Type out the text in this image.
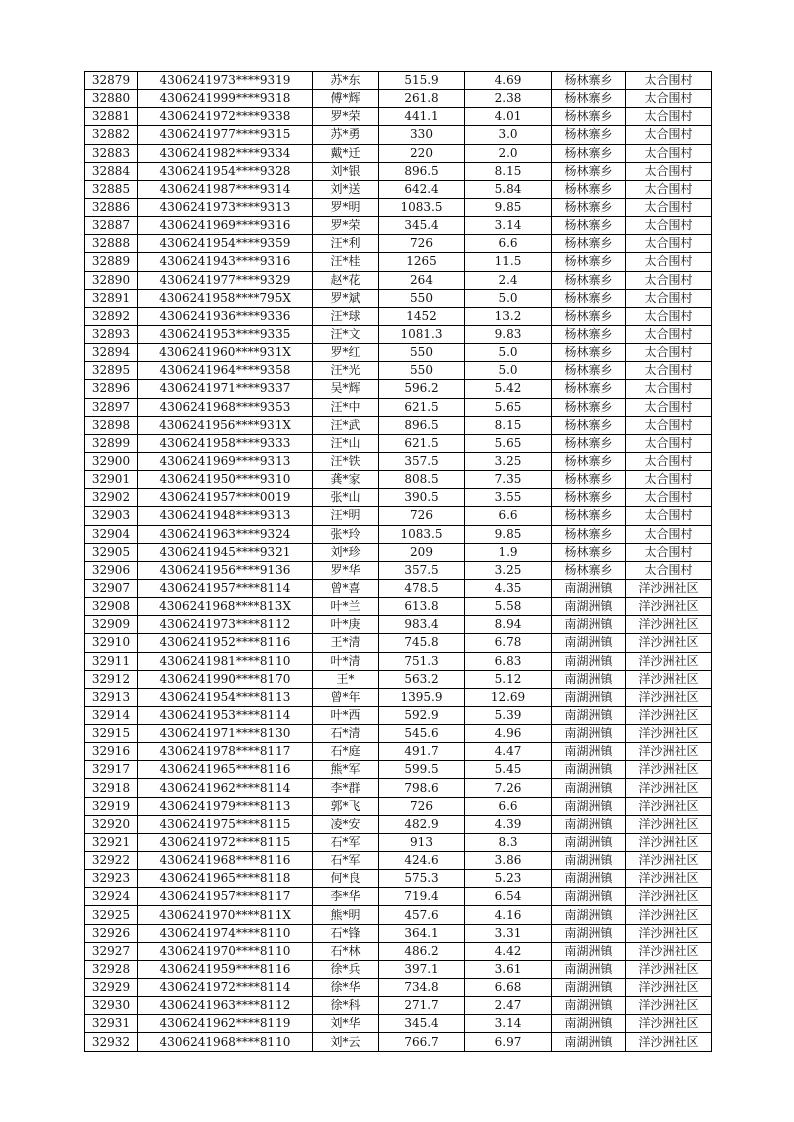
32879	4306241973****9319	苏*东	515.9	4.69	杨林寨乡	太合围村
32880	4306241999****9318	傅*辉	261.8	2.38	杨林寨乡	太合围村
32881	4306241972****9338	罗*荣	441.1	4.01	杨林寨乡	太合围村
32882	4306241977****9315	苏*勇	330	3.0	杨林寨乡	太合围村
32883	4306241982****9334	戴*迁	220	2.0	杨林寨乡	太合围村
32884	4306241954****9328	刘*银	896.5	8.15	杨林寨乡	太合围村
32885	4306241987****9314	刘*送	642.4	5.84	杨林寨乡	太合围村
32886	4306241973****9313	罗*明	1083.5	9.85	杨林寨乡	太合围村
32887	4306241969****9316	罗*荣	345.4	3.14	杨林寨乡	太合围村
32888	4306241954****9359	汪*利	726	6.6	杨林寨乡	太合围村
32889	4306241943****9316	汪*桂	1265	11.5	杨林寨乡	太合围村
32890	4306241977****9329	赵*花	264	2.4	杨林寨乡	太合围村
32891	4306241958****795X	罗*斌	550	5.0	杨林寨乡	太合围村
32892	4306241936****9336	汪*球	1452	13.2	杨林寨乡	太合围村
32893	4306241953****9335	汪*文	1081.3	9.83	杨林寨乡	太合围村
32894	4306241960****931X	罗*红	550	5.0	杨林寨乡	太合围村
32895	4306241964****9358	汪*光	550	5.0	杨林寨乡	太合围村
32896	4306241971****9337	吴*辉	596.2	5.42	杨林寨乡	太合围村
32897	4306241968****9353	汪*中	621.5	5.65	杨林寨乡	太合围村
32898	4306241956****931X	汪*武	896.5	8.15	杨林寨乡	太合围村
32899	4306241958****9333	汪*山	621.5	5.65	杨林寨乡	太合围村
32900	4306241969****9313	汪*铁	357.5	3.25	杨林寨乡	太合围村
32901	4306241950****9310	龚*家	808.5	7.35	杨林寨乡	太合围村
32902	4306241957****0019	张*山	390.5	3.55	杨林寨乡	太合围村
32903	4306241948****9313	汪*明	726	6.6	杨林寨乡	太合围村
32904	4306241963****9324	张*玲	1083.5	9.85	杨林寨乡	太合围村
32905	4306241945****9321	刘*珍	209	1.9	杨林寨乡	太合围村
32906	4306241956****9136	罗*华	357.5	3.25	杨林寨乡	太合围村
32907	4306241957****8114	曾*喜	478.5	4.35	南湖洲镇	洋沙洲社区
32908	4306241968****813X	叶*兰	613.8	5.58	南湖洲镇	洋沙洲社区
32909	4306241973****8112	叶*庚	983.4	8.94	南湖洲镇	洋沙洲社区
32910	4306241952****8116	王*清	745.8	6.78	南湖洲镇	洋沙洲社区
32911	4306241981****8110	叶*清	751.3	6.83	南湖洲镇	洋沙洲社区
32912	4306241990****8170	王*	563.2	5.12	南湖洲镇	洋沙洲社区
32913	4306241954****8113	曾*年	1395.9	12.69	南湖洲镇	洋沙洲社区
32914	4306241953****8114	叶*西	592.9	5.39	南湖洲镇	洋沙洲社区
32915	4306241971****8130	石*清	545.6	4.96	南湖洲镇	洋沙洲社区
32916	4306241978****8117	石*庭	491.7	4.47	南湖洲镇	洋沙洲社区
32917	4306241965****8116	熊*军	599.5	5.45	南湖洲镇	洋沙洲社区
32918	4306241962****8114	李*群	798.6	7.26	南湖洲镇	洋沙洲社区
32919	4306241979****8113	郭*飞	726	6.6	南湖洲镇	洋沙洲社区
32920	4306241975****8115	凌*安	482.9	4.39	南湖洲镇	洋沙洲社区
32921	4306241972****8115	石*军	913	8.3	南湖洲镇	洋沙洲社区
32922	4306241968****8116	石*军	424.6	3.86	南湖洲镇	洋沙洲社区
32923	4306241965****8118	何*良	575.3	5.23	南湖洲镇	洋沙洲社区
32924	4306241957****8117	李*华	719.4	6.54	南湖洲镇	洋沙洲社区
32925	4306241970****811X	熊*明	457.6	4.16	南湖洲镇	洋沙洲社区
32926	4306241974****8110	石*锋	364.1	3.31	南湖洲镇	洋沙洲社区
32927	4306241970****8110	石*林	486.2	4.42	南湖洲镇	洋沙洲社区
32928	4306241959****8116	徐*兵	397.1	3.61	南湖洲镇	洋沙洲社区
32929	4306241972****8114	徐*华	734.8	6.68	南湖洲镇	洋沙洲社区
32930	4306241963****8112	徐*科	271.7	2.47	南湖洲镇	洋沙洲社区
32931	4306241962****8119	刘*华	345.4	3.14	南湖洲镇	洋沙洲社区
32932	4306241968****8110	刘*云	766.7	6.97	南湖洲镇	洋沙洲社区
